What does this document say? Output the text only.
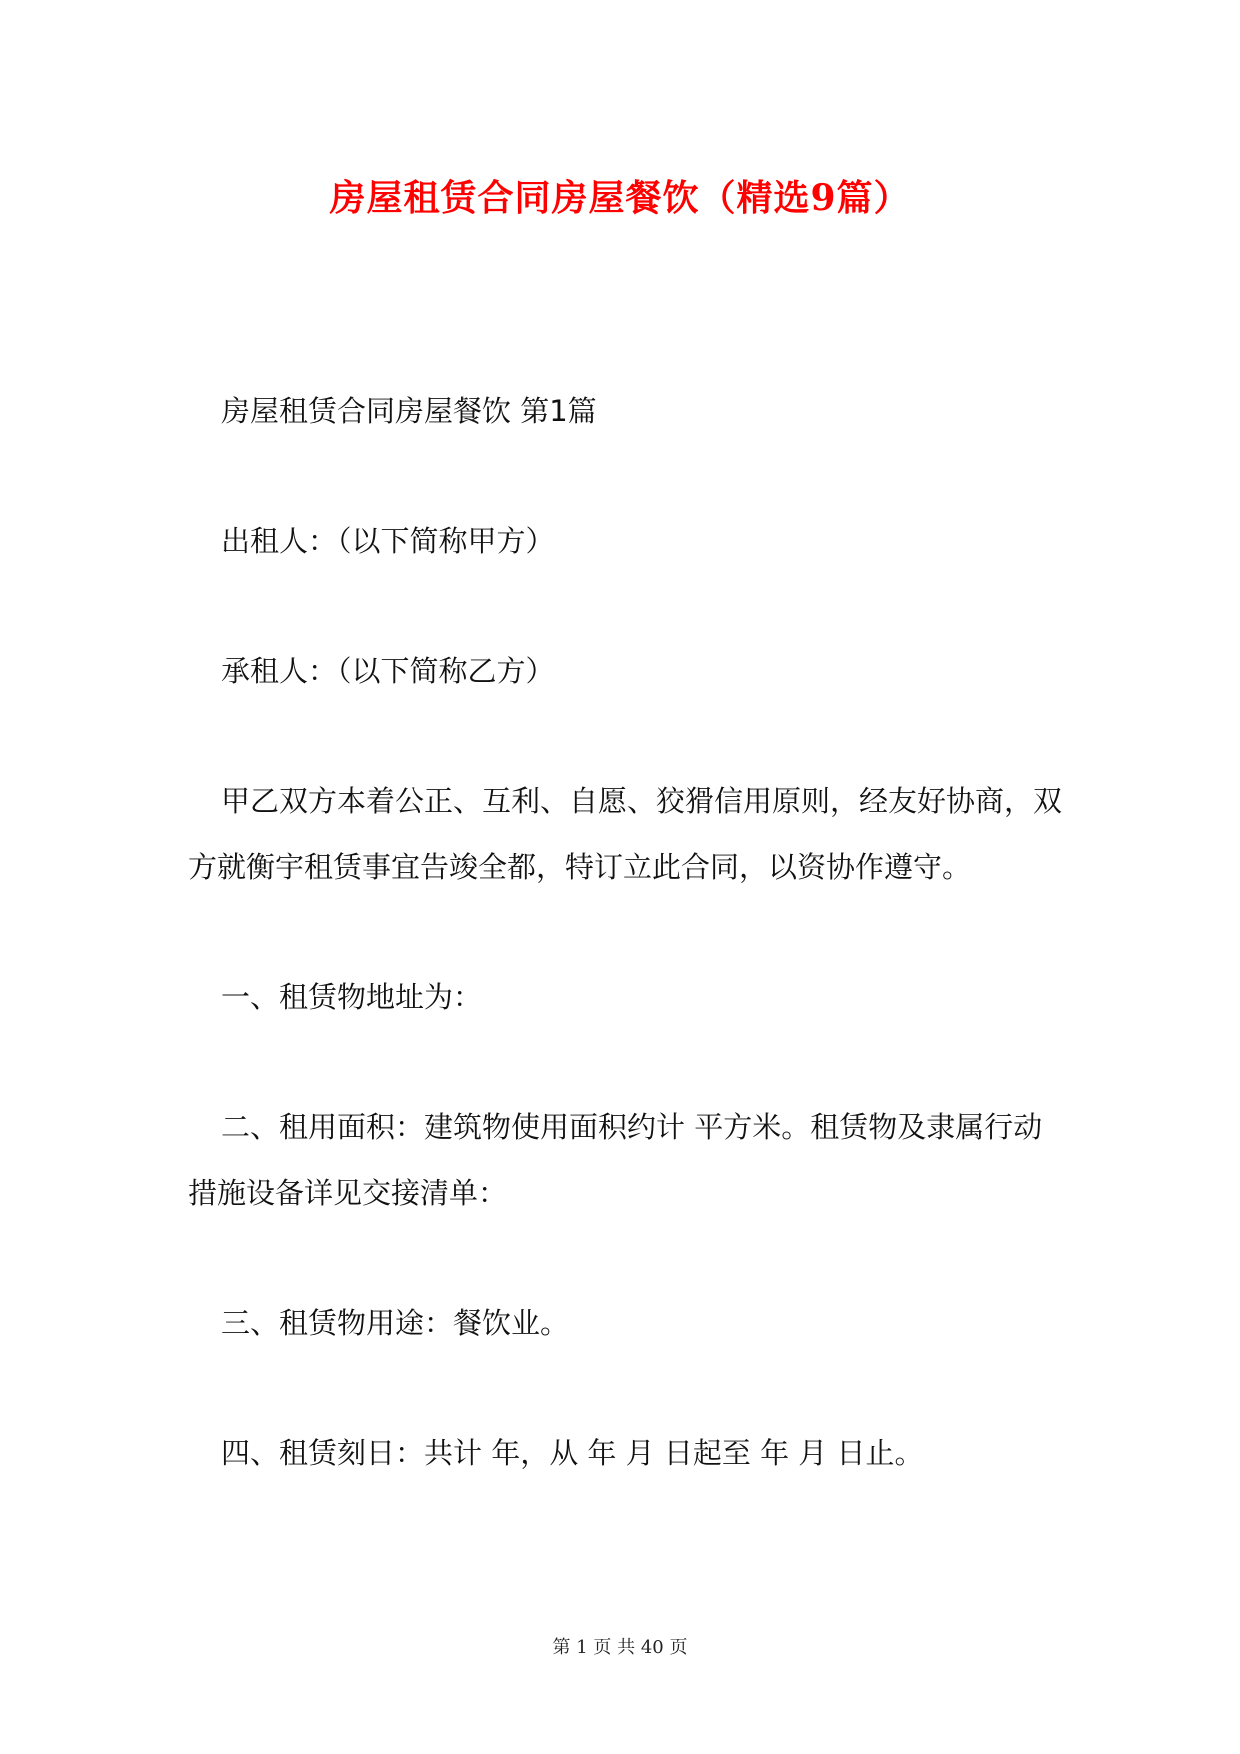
房屋租赁合同房屋餐饮（精选9篇）
房屋租赁合同房屋餐饮 第1篇
出租人：（以下简称甲方）
承租人：（以下简称乙方）
甲乙双方本着公正、互利、自愿、狡猾信用原则，经友好协商，双方就衡宇租赁事宜告竣全都，特订立此合同，以资协作遵守。
一、租赁物地址为：
二、租用面积：建筑物使用面积约计 平方米。租赁物及隶属行动措施设备详见交接清单：
三、租赁物用途：餐饮业。
四、租赁刻日：共计 年，从 年 月 日起至 年 月 日止。
第 1 页 共 40 页
